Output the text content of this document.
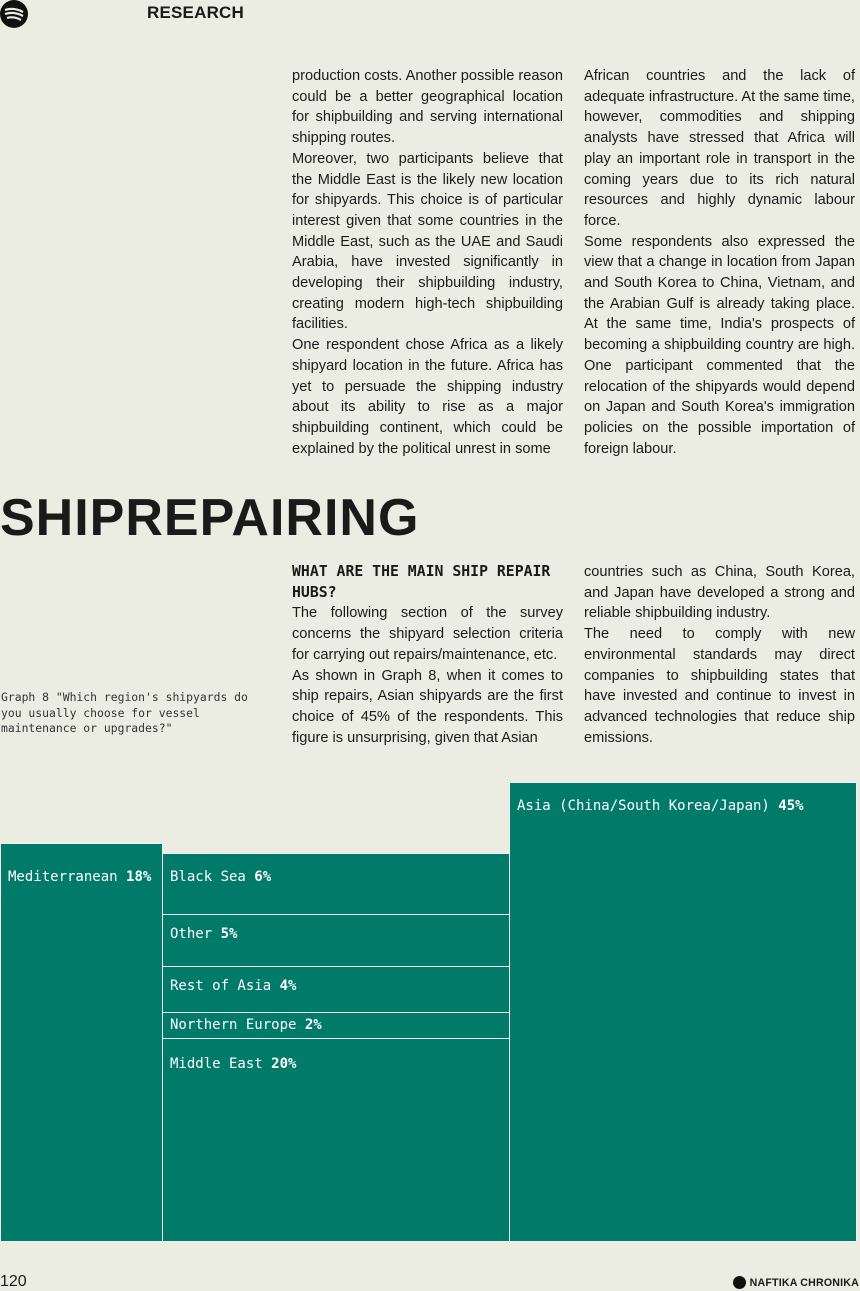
RESEARCH

production costs. Another possible reason could be a better geographical location for shipbuilding and serving international shipping routes.

Moreover, two participants believe that the Middle East is the likely new location for shipyards. This choice is of particular interest given that some countries in the Middle East, such as the UAE and Saudi Arabia, have invested significantly in developing their shipbuilding industry, creating modern high-tech shipbuilding facilities.

One respondent chose Africa as a likely shipyard location in the future. Africa has yet to persuade the shipping industry about its ability to rise as a major shipbuilding continent, which could be explained by the political unrest in some

African countries and the lack of adequate infrastructure. At the same time, however, commodities and shipping analysts have stressed that Africa will play an important role in transport in the coming years due to its rich natural resources and highly dynamic labour force.

Some respondents also expressed the view that a change in location from Japan and South Korea to China, Vietnam, and the Arabian Gulf is already taking place. At the same time, India's prospects of becoming a shipbuilding country are high. One participant commented that the relocation of the shipyards would depend on Japan and South Korea's immigration policies on the possible importation of foreign labour.

SHIPREPAIRING
WHAT ARE THE MAIN SHIP REPAIR HUBS?

The following section of the survey concerns the shipyard selection criteria for carrying out repairs/maintenance, etc.

As shown in Graph 8, when it comes to ship repairs, Asian shipyards are the first choice of 45% of the respondents. This figure is unsurprising, given that Asian

countries such as China, South Korea, and Japan have developed a strong and reliable shipbuilding industry.

The need to comply with new environmental standards may direct companies to shipbuilding states that have invested and continue to invest in advanced technologies that reduce ship emissions.

Graph 8 "Which region's shipyards do you usually choose for vessel maintenance or upgrades?"
Asia (China/South Korea/Japan) 45%
Mediterranean 18% Black Sea 6%
Other 5%
Rest of Asia 4%
Northern Europe 2%
Middle East 20%
120	NAFTIKA CHRONIKA
